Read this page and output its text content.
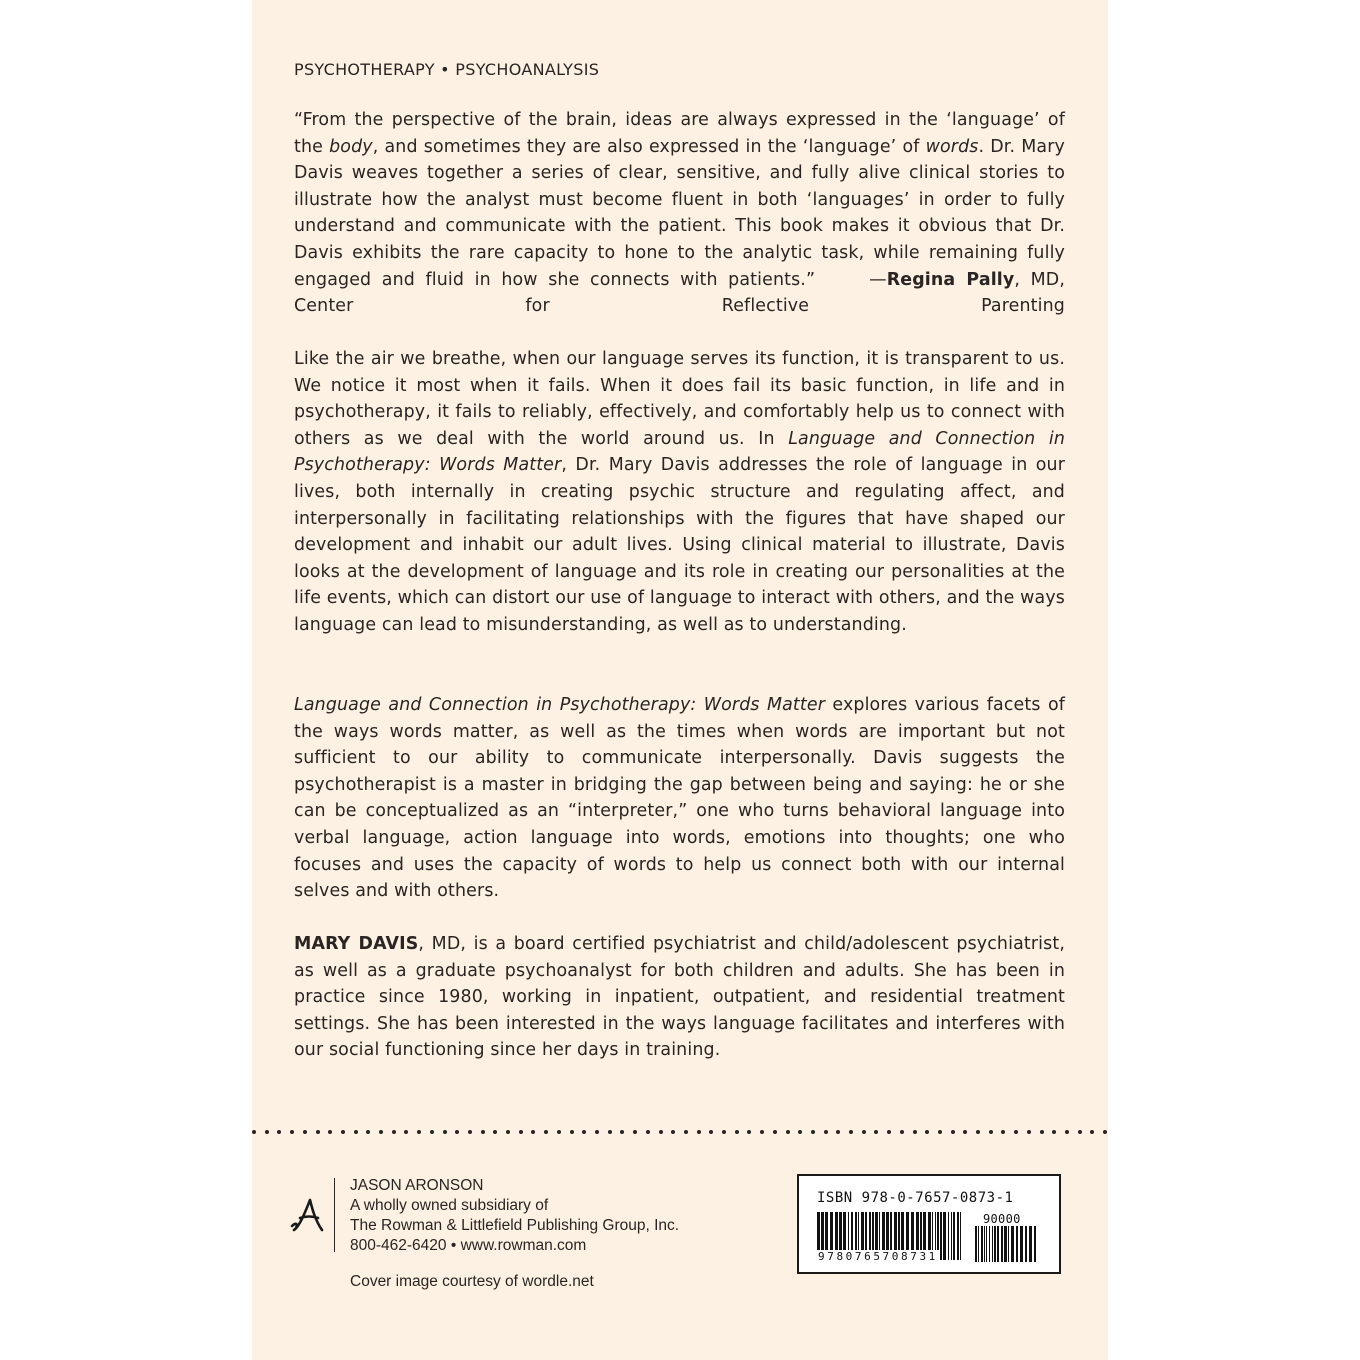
PSYCHOTHERAPY • PSYCHOANALYSIS

“From the perspective of the brain, ideas are always expressed in the ‘language’ of the body, and sometimes they are also expressed in the ‘language’ of words. Dr. Mary Davis weaves together a series of clear, sensitive, and fully alive clinical stories to illustrate how the analyst must become fluent in both ‘languages’ in order to fully understand and communicate with the patient. This book makes it obvious that Dr. Davis exhibits the rare capacity to hone to the analytic task, while remaining fully engaged and fluid in how she connects with patients.”	—Regina Pally, MD, Center for Reflective Parenting

Like the air we breathe, when our language serves its function, it is transparent to us. We notice it most when it fails. When it does fail its basic function, in life and in psychotherapy, it fails to reliably, effectively, and comfortably help us to connect with others as we deal with the world around us. In Language and Connection in Psychotherapy: Words Matter, Dr. Mary Davis addresses the role of language in our lives, both internally in creating psychic structure and regulating affect, and interpersonally in facilitating relationships with the figures that have shaped our development and inhabit our adult lives. Using clinical material to illustrate, Davis looks at the development of language and its role in creating our personalities at the life events, which can distort our use of language to interact with others, and the ways language can lead to misunderstanding, as well as to understanding.

Language and Connection in Psychotherapy: Words Matter explores various facets of the ways words matter, as well as the times when words are important but not sufficient to our ability to communicate interpersonally. Davis suggests the psychotherapist is a master in bridging the gap between being and saying: he or she can be conceptualized as an “interpreter,” one who turns behavioral language into verbal language, action language into words, emotions into thoughts; one who focuses and uses the capacity of words to help us connect both with our internal selves and with others.

MARY DAVIS, MD, is a board certified psychiatrist and child/adolescent psychiatrist, as well as a graduate psychoanalyst for both children and adults. She has been in practice since 1980, working in inpatient, outpatient, and residential treatment settings. She has been interested in the ways language facilitates and interferes with our social functioning since her days in training.

JASON ARONSON
A wholly owned subsidiary of
The Rowman & Littlefield Publishing Group, Inc.
800-462-6420 • www.rowman.com
Cover image courtesy of wordle.net
ISBN 978-0-7657-0873-1
90000
9780765708731
